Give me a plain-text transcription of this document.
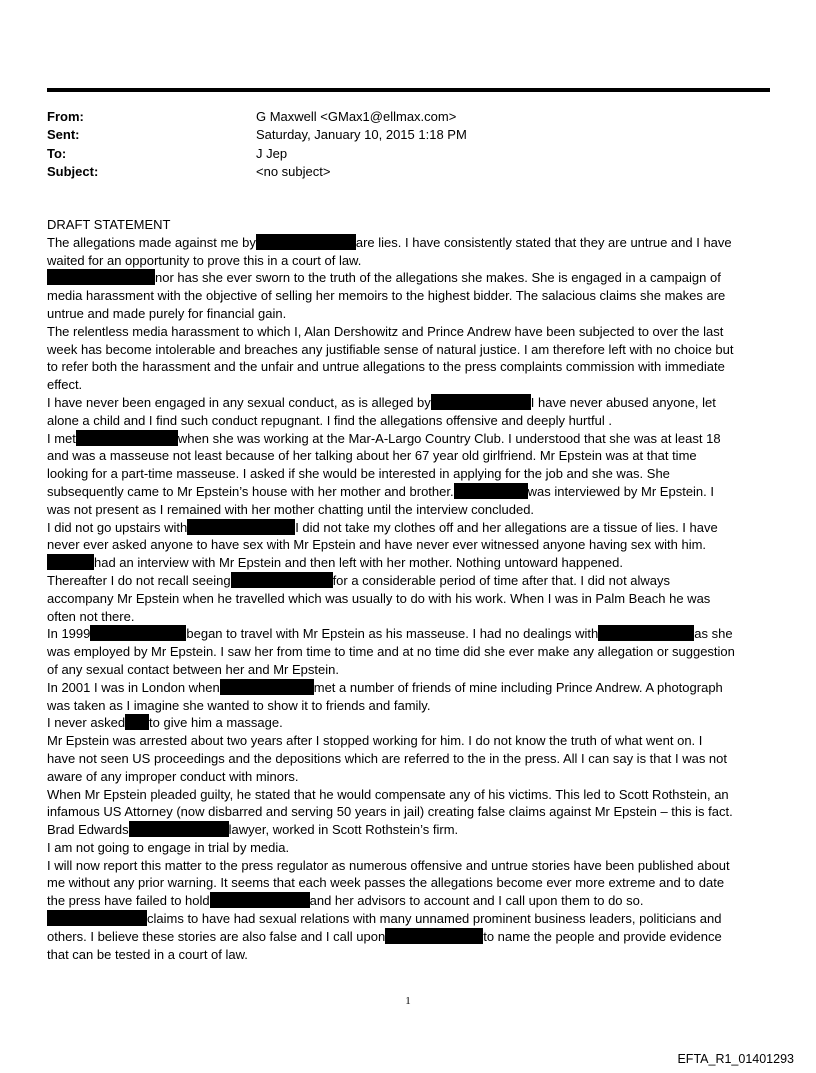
From:	G Maxwell <GMax1@ellmax.com>
Sent:	Saturday, January 10, 2015 1:18 PM
To:	J Jep
Subject:	<no subject>
DRAFT STATEMENT
The allegations made against me by	are lies. I have consistently stated that they are untrue and I have
waited for an opportunity to prove this in a court of law.
nor has she ever sworn to the truth of the allegations she makes. She is engaged in a campaign of
media harassment with the objective of selling her memoirs to the highest bidder. The salacious claims she makes are
untrue and made purely for financial gain.
The relentless media harassment to which I, Alan Dershowitz and Prince Andrew have been subjected to over the last
week has become intolerable and breaches any justifiable sense of natural justice. I am therefore left with no choice but
to refer both the harassment and the unfair and untrue allegations to the press complaints commission with immediate
effect.
I have never been engaged in any sexual conduct, as is alleged by	I have never abused anyone, let
alone a child and I find such conduct repugnant. I find the allegations offensive and deeply hurtful .
I met	when she was working at the Mar-A-Largo Country Club. I understood that she was at least 18
and was a masseuse not least because of her talking about her 67 year old girlfriend. Mr Epstein was at that time
looking for a part-time masseuse. I asked if she would be interested in applying for the job and she was. She
subsequently came to Mr Epstein’s house with her mother and brother.	was interviewed by Mr Epstein. I
was not present as I remained with her mother chatting until the interview concluded.
I did not go upstairs with	I did not take my clothes off and her allegations are a tissue of lies. I have
never ever asked anyone to have sex with Mr Epstein and have never ever witnessed anyone having sex with him.
had an interview with Mr Epstein and then left with her mother. Nothing untoward happened.
Thereafter I do not recall seeing	for a considerable period of time after that. I did not always
accompany Mr Epstein when he travelled which was usually to do with his work. When I was in Palm Beach he was
often not there.
In 1999	began to travel with Mr Epstein as his masseuse. I had no dealings with	as she
was employed by Mr Epstein. I saw her from time to time and at no time did she ever make any allegation or suggestion
of any sexual contact between her and Mr Epstein.
In 2001 I was in London when	met a number of friends of mine including Prince Andrew. A photograph
was taken as I imagine she wanted to show it to friends and family.
I never asked to give him a massage.
Mr Epstein was arrested about two years after I stopped working for him. I do not know the truth of what went on. I
have not seen US proceedings and the depositions which are referred to the in the press. All I can say is that I was not
aware of any improper conduct with minors.
When Mr Epstein pleaded guilty, he stated that he would compensate any of his victims. This led to Scott Rothstein, an
infamous US Attorney (now disbarred and serving 50 years in jail) creating false claims against Mr Epstein – this is fact.
Brad Edwards	lawyer, worked in Scott Rothstein’s firm.
I am not going to engage in trial by media.
I will now report this matter to the press regulator as numerous offensive and untrue stories have been published about
me without any prior warning. It seems that each week passes the allegations become ever more extreme and to date
the press have failed to hold	and her advisors to account and I call upon them to do so.
claims to have had sexual relations with many unnamed prominent business leaders, politicians and
others. I believe these stories are also false and I call upon	to name the people and provide evidence
that can be tested in a court of law.
1
EFTA_R1_01401293
